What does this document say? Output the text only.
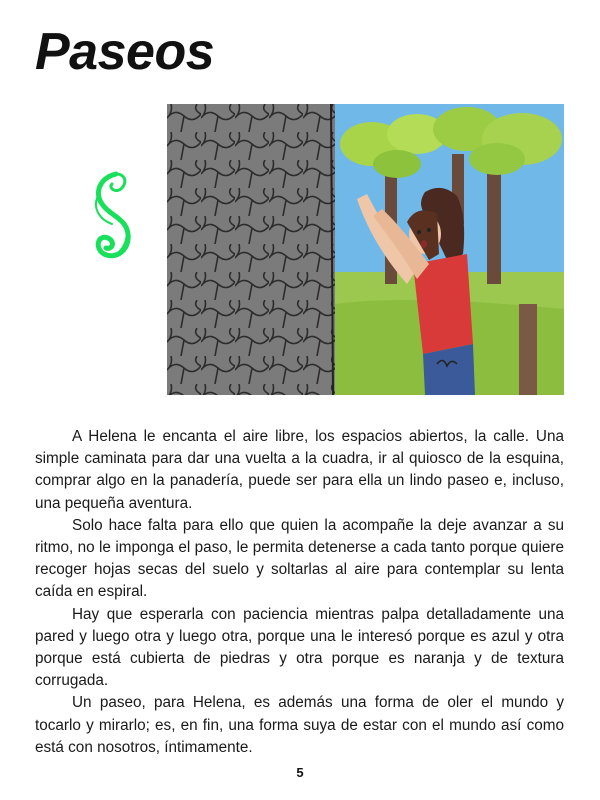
Paseos

A Helena le encanta el aire libre, los espacios abiertos, la calle. Una simple caminata para dar una vuelta a la cuadra, ir al quiosco de la esquina, comprar algo en la panadería, puede ser para ella un lindo paseo e, incluso, una pequeña aventura.

Solo hace falta para ello que quien la acompañe la deje avanzar a su ritmo, no le imponga el paso, le permita detenerse a cada tanto porque quiere recoger hojas secas del suelo y soltarlas al aire para contemplar su lenta caída en espiral.

Hay que esperarla con paciencia mientras palpa detalladamente una pared y luego otra y luego otra, porque una le interesó porque es azul y otra porque está cubierta de piedras y otra porque es naranja y de textura corrugada.

Un paseo, para Helena, es además una forma de oler el mundo y tocarlo y mirarlo; es, en fin, una forma suya de estar con el mundo así como está con nosotros, íntimamente.

5
